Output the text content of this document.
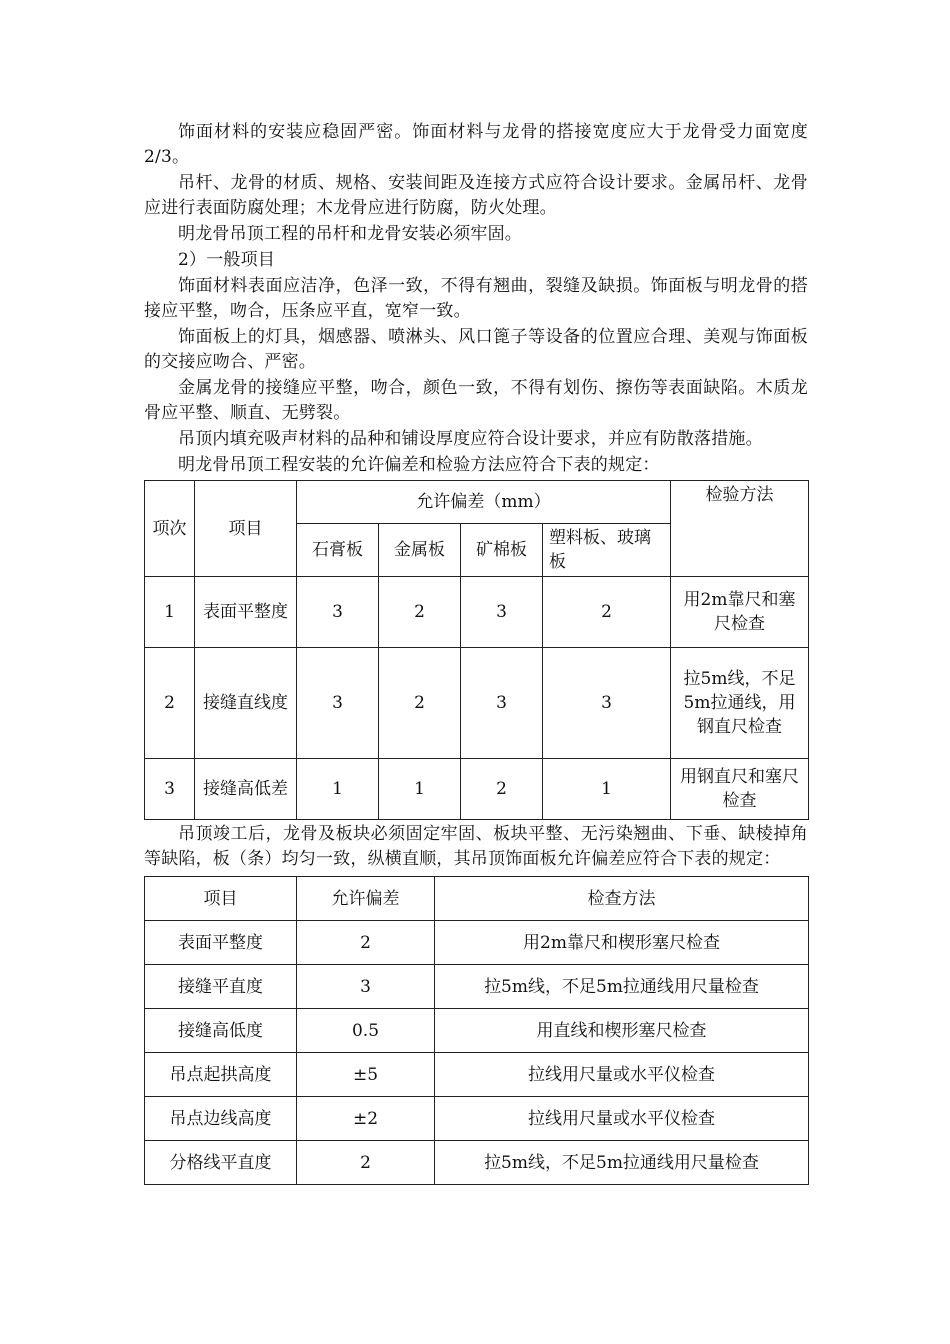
饰面材料的安装应稳固严密。饰面材料与龙骨的搭接宽度应大于龙骨受力面宽度 2/3。

吊杆、龙骨的材质、规格、安装间距及连接方式应符合设计要求。金属吊杆、龙骨应进行表面防腐处理；木龙骨应进行防腐，防火处理。

明龙骨吊顶工程的吊杆和龙骨安装必须牢固。

2）一般项目

饰面材料表面应洁净，色泽一致，不得有翘曲，裂缝及缺损。饰面板与明龙骨的搭接应平整，吻合，压条应平直，宽窄一致。

饰面板上的灯具，烟感器、喷淋头、风口篦子等设备的位置应合理、美观与饰面板的交接应吻合、严密。

金属龙骨的接缝应平整，吻合，颜色一致，不得有划伤、擦伤等表面缺陷。木质龙骨应平整、顺直、无劈裂。

吊顶内填充吸声材料的品种和铺设厚度应符合设计要求，并应有防散落措施。

明龙骨吊顶工程安装的允许偏差和检验方法应符合下表的规定：

项次	项目	允许偏差（mm）				检验方法
		石膏板	金属板	矿棉板	塑料板、玻璃板	
1	表面平整度	3	2	3	2	用2m靠尺和塞尺检查
2	接缝直线度	3	2	3	3	拉5m线，不足5m拉通线，用钢直尺检查
3	接缝高低差	1	1	2	1	用钢直尺和塞尺检查

吊顶竣工后，龙骨及板块必须固定牢固、板块平整、无污染翘曲、下垂、缺棱掉角等缺陷，板（条）均匀一致，纵横直顺，其吊顶饰面板允许偏差应符合下表的规定：

项目	允许偏差	检查方法
表面平整度	2	用2m靠尺和楔形塞尺检查
接缝平直度	3	拉5m线，不足5m拉通线用尺量检查
接缝高低度	0.5	用直线和楔形塞尺检查
吊点起拱高度	±5	拉线用尺量或水平仪检查
吊点边线高度	±2	拉线用尺量或水平仪检查
分格线平直度	2	拉5m线，不足5m拉通线用尺量检查
